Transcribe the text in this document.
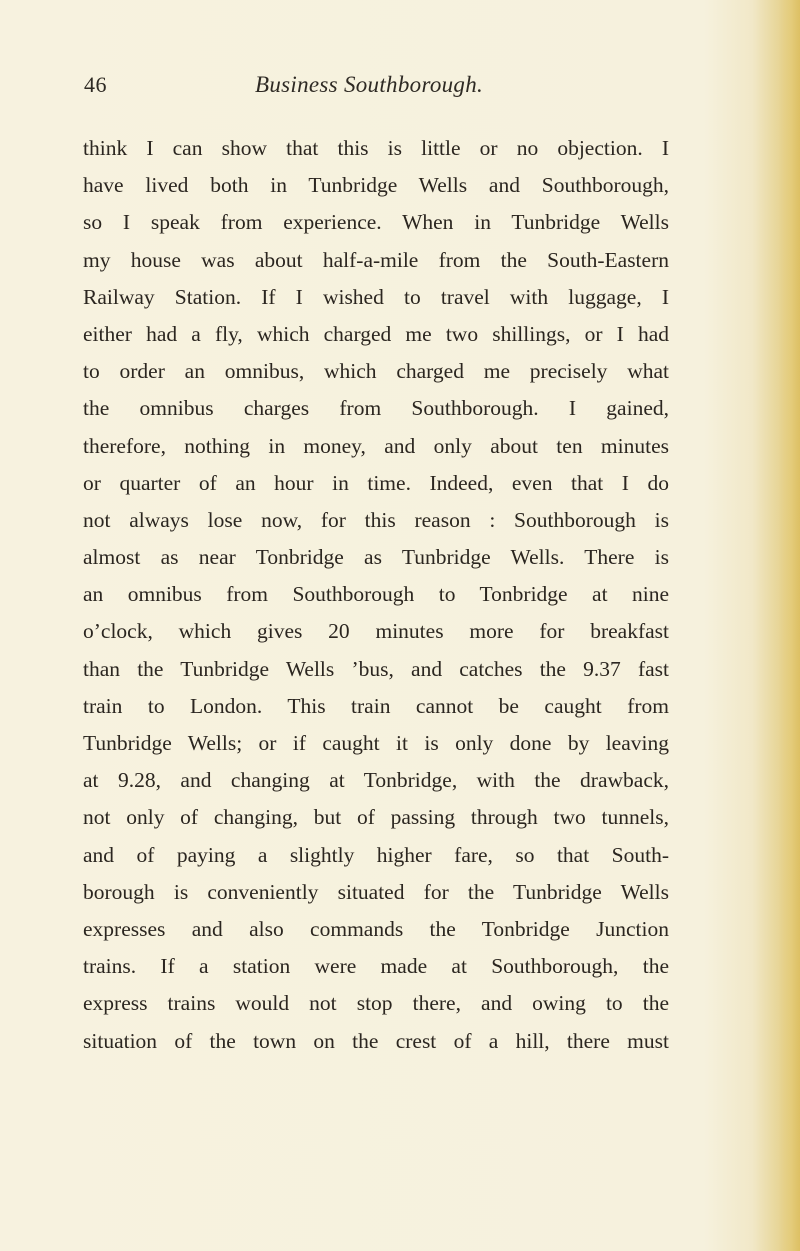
46	Business Southborough.
think I can show that this is little or no objection. I
have lived both in Tunbridge Wells and Southborough,
so I speak from experience. When in Tunbridge Wells
my house was about half-a-mile from the South-Eastern
Railway Station. If I wished to travel with luggage, I
either had a fly, which charged me two shillings, or I had
to order an omnibus, which charged me precisely what
the omnibus charges from Southborough. I gained,
therefore, nothing in money, and only about ten minutes
or quarter of an hour in time. Indeed, even that I do
not always lose now, for this reason : Southborough is
almost as near Tonbridge as Tunbridge Wells. There is
an omnibus from Southborough to Tonbridge at nine
o’clock, which gives 20 minutes more for breakfast
than the Tunbridge Wells ’bus, and catches the 9.37 fast
train to London. This train cannot be caught from
Tunbridge Wells; or if caught it is only done by leaving
at 9.28, and changing at Tonbridge, with the drawback,
not only of changing, but of passing through two tunnels,
and of paying a slightly higher fare, so that South-
borough is conveniently situated for the Tunbridge Wells
expresses and also commands the Tonbridge Junction
trains. If a station were made at Southborough, the
express trains would not stop there, and owing to the
situation of the town on the crest of a hill, there must
